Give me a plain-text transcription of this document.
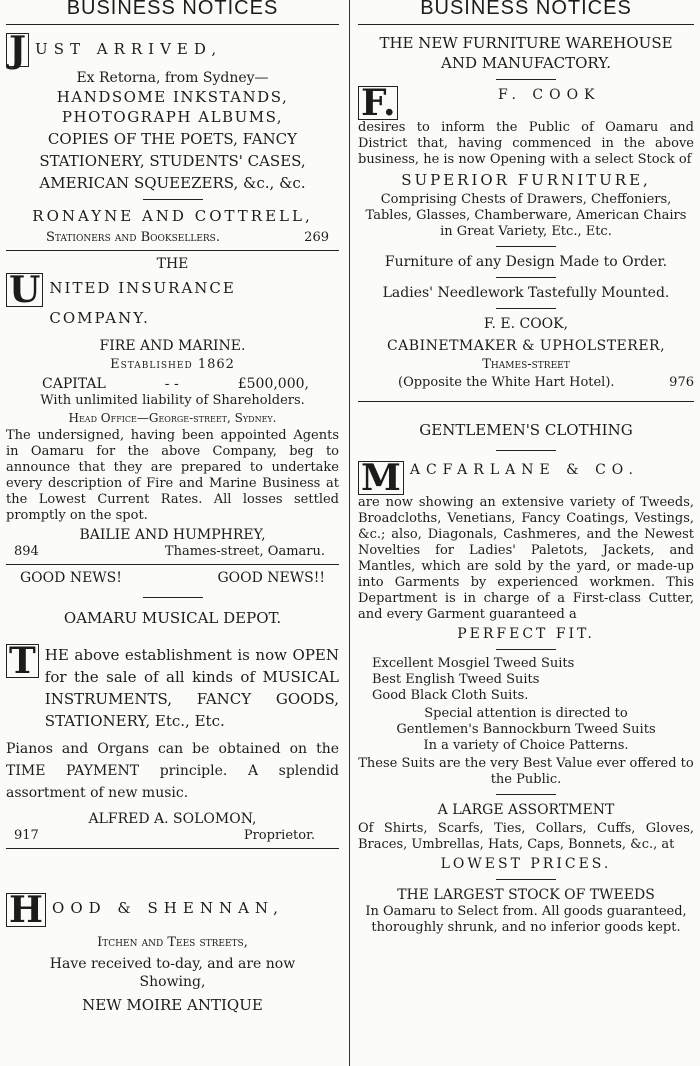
BUSINESS NOTICES
J UST ARRIVED,

Ex Retorna, from Sydney—

HANDSOME INKSTANDS, PHOTOGRAPH ALBUMS,

COPIES OF THE POETS, FANCY

STATIONERY, STUDENTS' CASES,

AMERICAN SQUEEZERS, &c., &c.

RONAYNE AND COTTRELL,

Stationers and Booksellers.	269

THE

U NITED INSURANCE COMPANY.

FIRE AND MARINE.

Established 1862

CAPITAL	- -	£500,000,

With unlimited liability of Shareholders.

Head Office—George-street, Sydney.

The undersigned, having been appointed Agents in Oamaru for the above Company, beg to announce that they are prepared to undertake every description of Fire and Marine Business at the Lowest Current Rates. All losses settled promptly on the spot.

BAILIE AND HUMPHREY,

894	Thames-street, Oamaru.
GOOD NEWS!	GOOD NEWS!!

OAMARU MUSICAL DEPOT.

T HE above establishment is now OPEN for the sale of all kinds of MUSICAL INSTRUMENTS, FANCY GOODS, STATIONERY, Etc., Etc.

Pianos and Organs can be obtained on the TIME PAYMENT principle. A splendid assortment of new music.

ALFRED A. SOLOMON,

917	Proprietor.
H OOD & SHENNAN,

Itchen and Tees streets,

Have received to-day, and are now

Showing,

NEW MOIRE ANTIQUE

BUSINESS NOTICES

THE NEW FURNITURE WAREHOUSE

AND MANUFACTORY.

F.	F. COOK

desires to inform the Public of Oamaru and District that, having commenced in the above business, he is now Opening with a select Stock of

SUPERIOR FURNITURE,

Comprising Chests of Drawers, Cheffoniers, Tables, Glasses, Chamberware, American Chairs in Great Variety, Etc., Etc.

Furniture of any Design Made to Order.

Ladies' Needlework Tastefully Mounted.

F. E. COOK,

CABINETMAKER & UPHOLSTERER,

Thames-street

(Opposite the White Hart Hotel).	976

GENTLEMEN'S CLOTHING

M ACFARLANE & CO.

are now showing an extensive variety of Tweeds, Broadcloths, Venetians, Fancy Coatings, Vestings, &c.; also, Diagonals, Cashmeres, and the Newest Novelties for Ladies' Paletots, Jackets, and Mantles, which are sold by the yard, or made-up into Garments by experienced workmen. This Department is in charge of a First-class Cutter, and every Garment guaranteed a

PERFECT FIT.

Excellent Mosgiel Tweed Suits

Best English Tweed Suits

Good Black Cloth Suits.

Special attention is directed to

Gentlemen's Bannockburn Tweed Suits

In a variety of Choice Patterns.

These Suits are the very Best Value ever offered to the Public.

A LARGE ASSORTMENT

Of Shirts, Scarfs, Ties, Collars, Cuffs, Gloves, Braces, Umbrellas, Hats, Caps, Bonnets, &c., at

LOWEST PRICES.

THE LARGEST STOCK OF TWEEDS

In Oamaru to Select from. All goods guaranteed, thoroughly shrunk, and no inferior goods kept.
